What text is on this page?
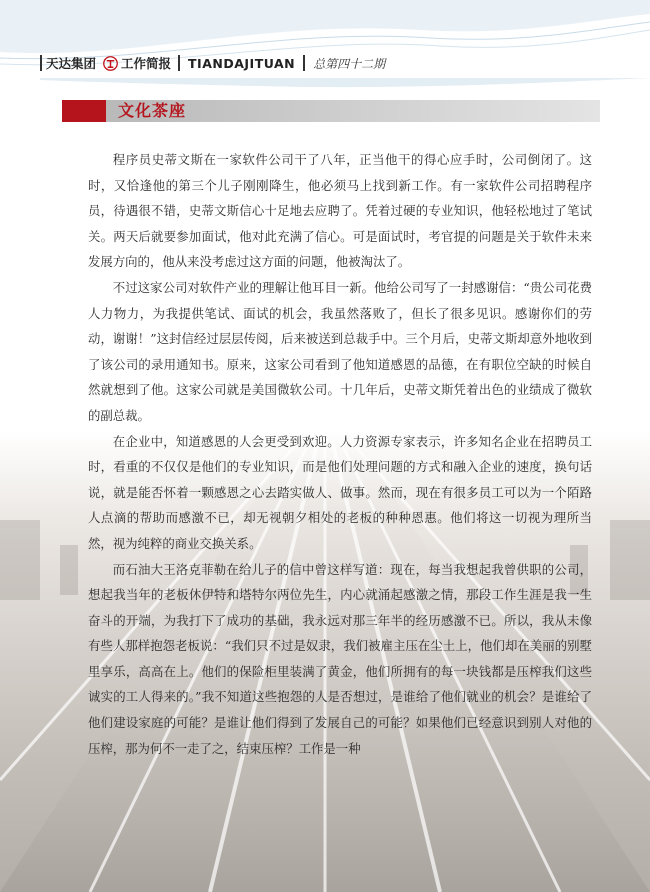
天达集团 工作简报 TIANDAJITUAN 总第四十二期
文化茶座

程序员史蒂文斯在一家软件公司干了八年，正当他干的得心应手时，公司倒闭了。这时，又恰逢他的第三个儿子刚刚降生，他必须马上找到新工作。有一家软件公司招聘程序员，待遇很不错，史蒂文斯信心十足地去应聘了。凭着过硬的专业知识，他轻松地过了笔试关。两天后就要参加面试，他对此充满了信心。可是面试时，考官提的问题是关于软件未来发展方向的，他从来没考虑过这方面的问题，他被淘汰了。

不过这家公司对软件产业的理解让他耳目一新。他给公司写了一封感谢信：“贵公司花费人力物力，为我提供笔试、面试的机会，我虽然落败了，但长了很多见识。感谢你们的劳动，谢谢！”这封信经过层层传阅，后来被送到总裁手中。三个月后，史蒂文斯却意外地收到了该公司的录用通知书。原来，这家公司看到了他知道感恩的品德，在有职位空缺的时候自然就想到了他。这家公司就是美国微软公司。十几年后，史蒂文斯凭着出色的业绩成了微软的副总裁。

在企业中，知道感恩的人会更受到欢迎。人力资源专家表示，许多知名企业在招聘员工时，看重的不仅仅是他们的专业知识，而是他们处理问题的方式和融入企业的速度，换句话说，就是能否怀着一颗感恩之心去踏实做人、做事。然而，现在有很多员工可以为一个陌路人点滴的帮助而感激不已，却无视朝夕相处的老板的种种恩惠。他们将这一切视为理所当然，视为纯粹的商业交换关系。

而石油大王洛克菲勒在给儿子的信中曾这样写道：现在，每当我想起我曾供职的公司，想起我当年的老板休伊特和塔特尔两位先生，内心就涌起感激之情，那段工作生涯是我一生奋斗的开端，为我打下了成功的基础，我永远对那三年半的经历感激不已。所以，我从未像有些人那样抱怨老板说：“我们只不过是奴隶，我们被雇主压在尘土上，他们却在美丽的别墅里享乐，高高在上。他们的保险柜里装满了黄金，他们所拥有的每一块钱都是压榨我们这些诚实的工人得来的。”我不知道这些抱怨的人是否想过，是谁给了他们就业的机会？是谁给了他们建设家庭的可能？是谁让他们得到了发展自己的可能？如果他们已经意识到别人对他的压榨，那为何不一走了之，结束压榨？工作是一种
